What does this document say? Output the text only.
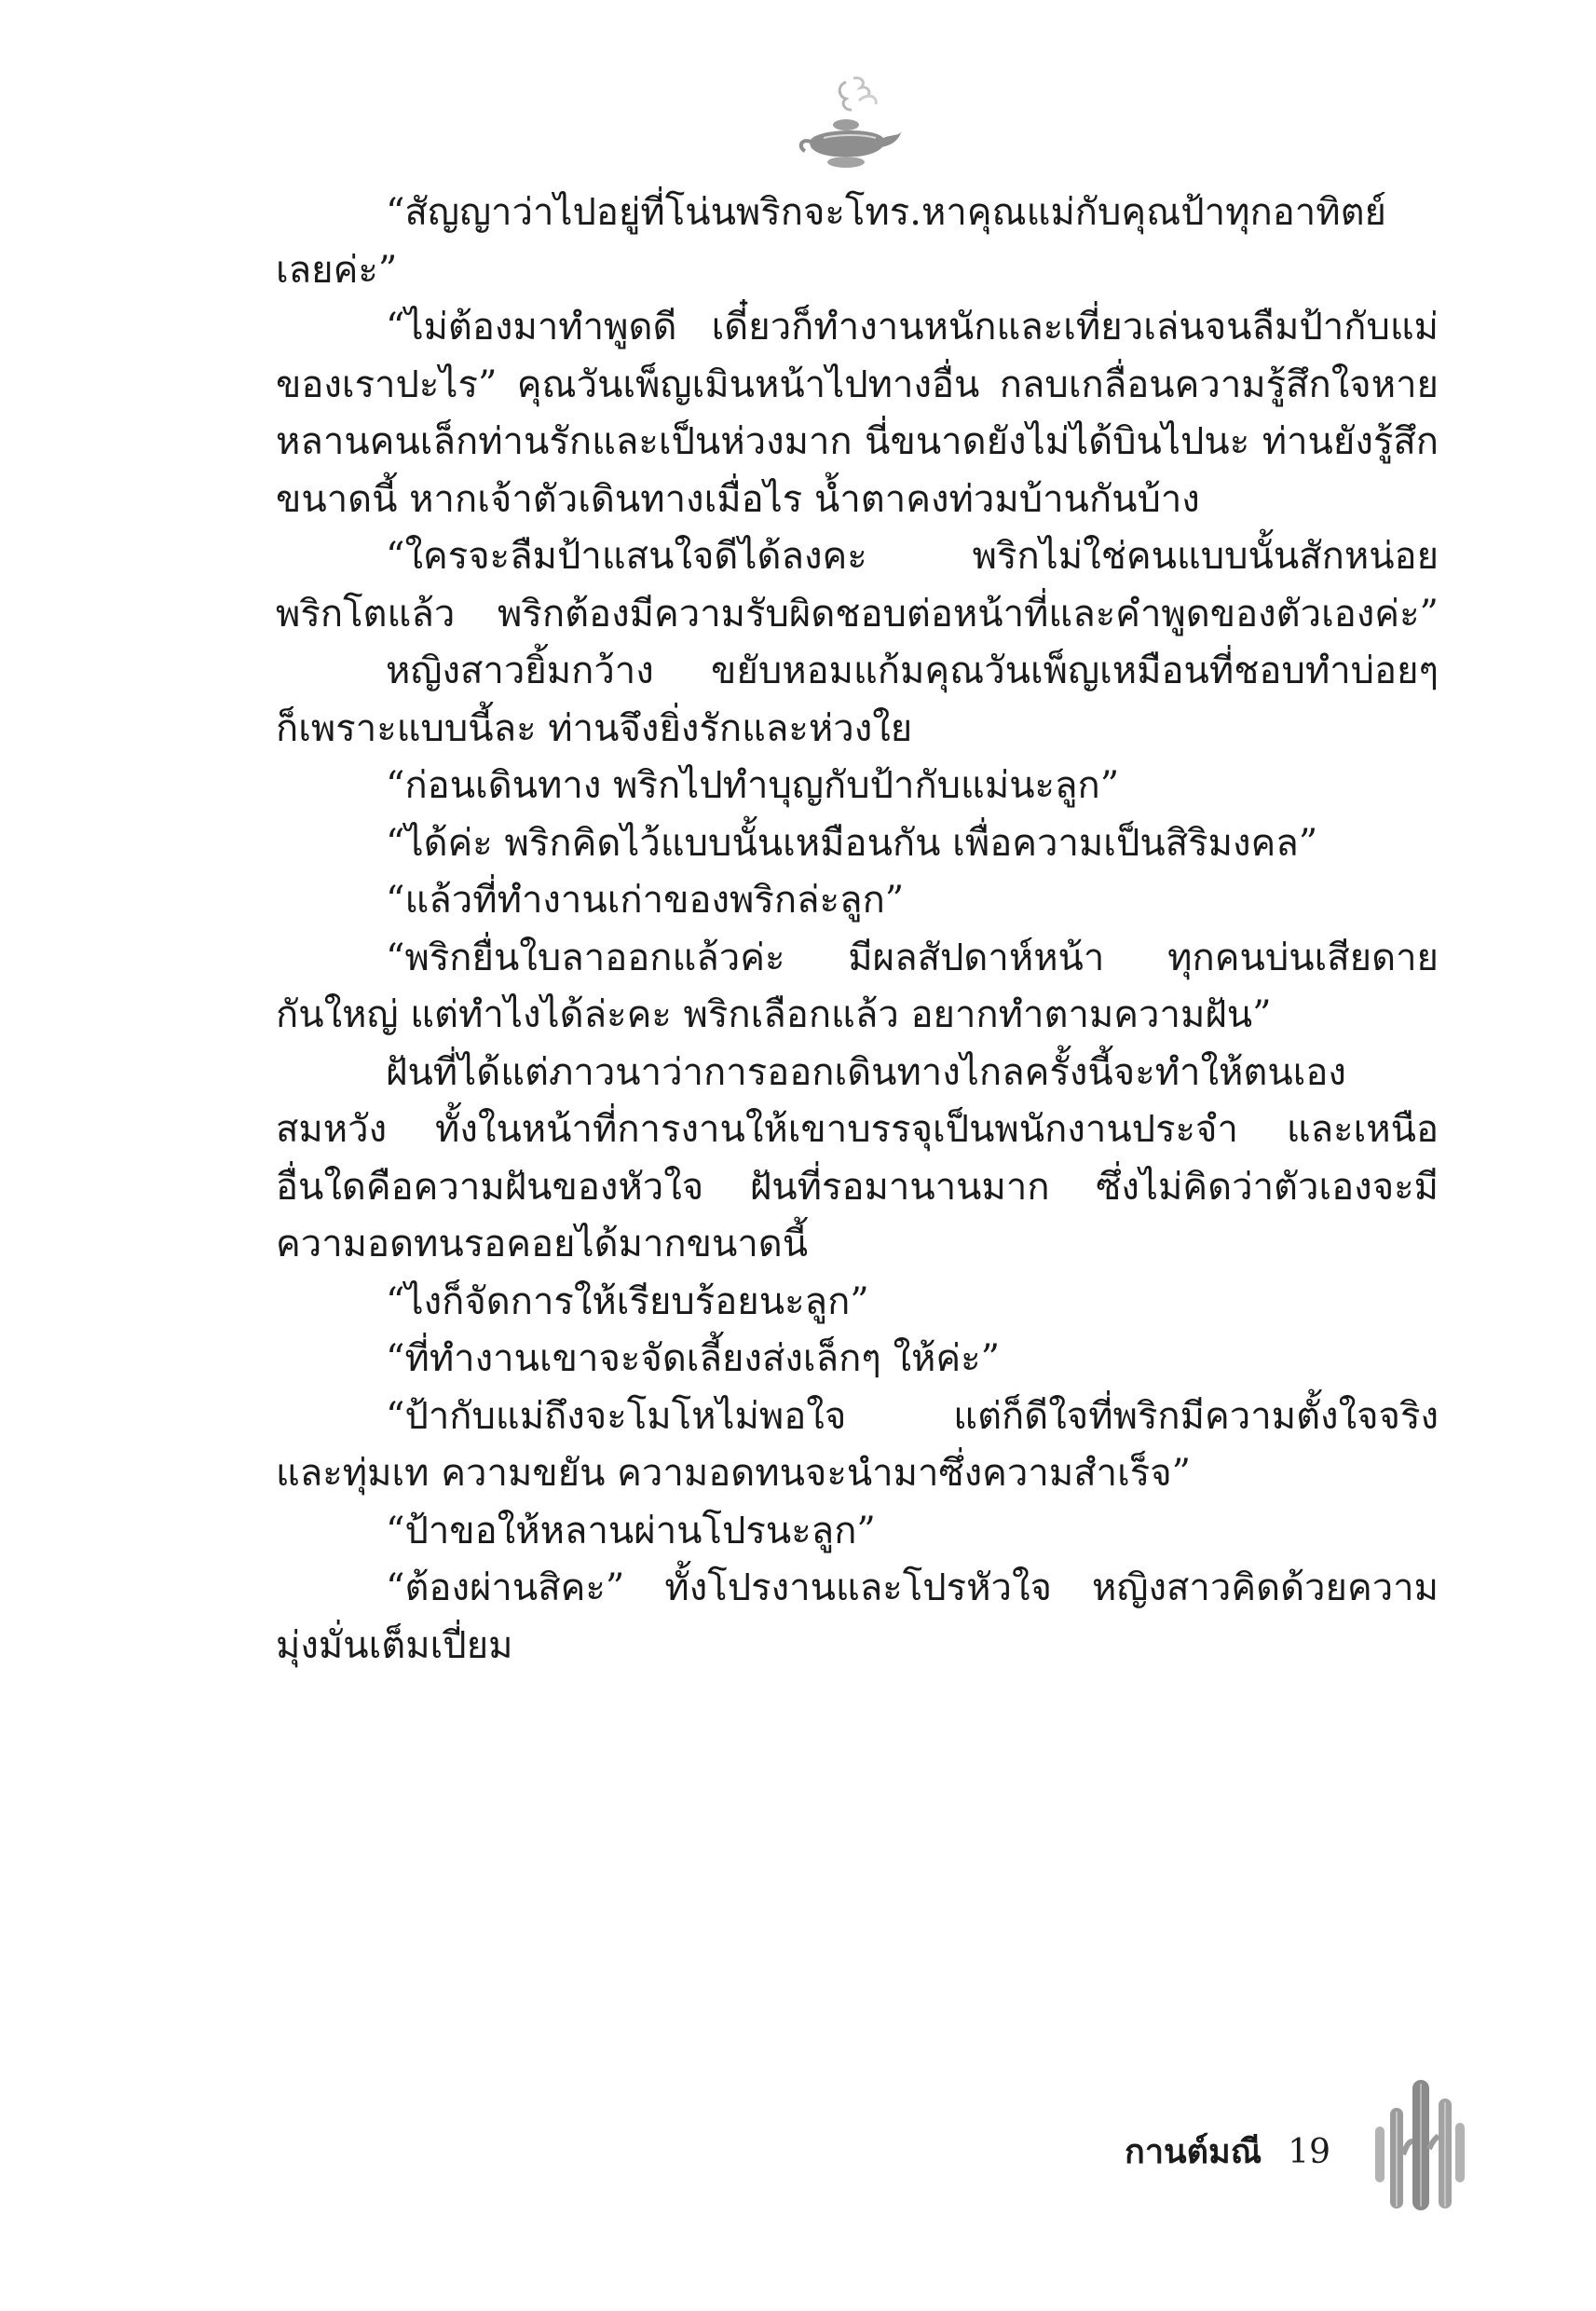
“สัญญาว่าไปอยู่ที่โน่นพริกจะโทร.หาคุณแม่กับคุณป้าทุกอาทิตย์
เลยค่ะ”
“ไม่ต้องมาทำพูดดี เดี๋ยวก็ทำงานหนักและเที่ยวเล่นจนลืมป้ากับแม่
ของเราปะไร” คุณวันเพ็ญเมินหน้าไปทางอื่น กลบเกลื่อนความรู้สึกใจหาย
หลานคนเล็กท่านรักและเป็นห่วงมาก นี่ขนาดยังไม่ได้บินไปนะ ท่านยังรู้สึก
ขนาดนี้ หากเจ้าตัวเดินทางเมื่อไร น้ำตาคงท่วมบ้านกันบ้าง
“ใครจะลืมป้าแสนใจดีได้ลงคะ พริกไม่ใช่คนแบบนั้นสักหน่อย
พริกโตแล้ว พริกต้องมีความรับผิดชอบต่อหน้าที่และคำพูดของตัวเองค่ะ”
หญิงสาวยิ้มกว้าง ขยับหอมแก้มคุณวันเพ็ญเหมือนที่ชอบทำบ่อยๆ
ก็เพราะแบบนี้ละ ท่านจึงยิ่งรักและห่วงใย
“ก่อนเดินทาง พริกไปทำบุญกับป้ากับแม่นะลูก”
“ได้ค่ะ พริกคิดไว้แบบนั้นเหมือนกัน เพื่อความเป็นสิริมงคล”
“แล้วที่ทำงานเก่าของพริกล่ะลูก”
“พริกยื่นใบลาออกแล้วค่ะ มีผลสัปดาห์หน้า ทุกคนบ่นเสียดาย
กันใหญ่ แต่ทำไงได้ล่ะคะ พริกเลือกแล้ว อยากทำตามความฝัน”
ฝันที่ได้แต่ภาวนาว่าการออกเดินทางไกลครั้งนี้จะทำให้ตนเอง
สมหวัง ทั้งในหน้าที่การงานให้เขาบรรจุเป็นพนักงานประจำ และเหนือ
อื่นใดคือความฝันของหัวใจ ฝันที่รอมานานมาก ซึ่งไม่คิดว่าตัวเองจะมี
ความอดทนรอคอยได้มากขนาดนี้
“ไงก็จัดการให้เรียบร้อยนะลูก”
“ที่ทำงานเขาจะจัดเลี้ยงส่งเล็กๆ ให้ค่ะ”
“ป้ากับแม่ถึงจะโมโหไม่พอใจ แต่ก็ดีใจที่พริกมีความตั้งใจจริง
และทุ่มเท ความขยัน ความอดทนจะนำมาซึ่งความสำเร็จ”
“ป้าขอให้หลานผ่านโปรนะลูก”
“ต้องผ่านสิคะ” ทั้งโปรงานและโปรหัวใจ หญิงสาวคิดด้วยความ
มุ่งมั่นเต็มเปี่ยม
กานต์มณี 19
